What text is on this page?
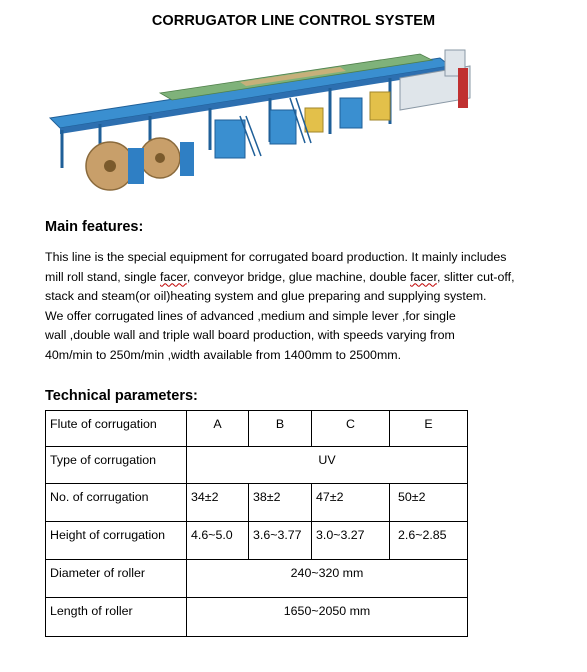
CORRUGATOR LINE CONTROL SYSTEM
Main features:
This line is the special equipment for corrugated board production. It mainly includes
mill roll stand, single facer, conveyor bridge, glue machine, double facer, slitter cut-off,
stack and steam(or oil)heating system and glue preparing and supplying system.
We offer corrugated lines of advanced ,medium and simple lever ,for single
wall ,double wall and triple wall board production, with speeds varying from
40m/min to 250m/min ,width available from 1400mm to 2500mm.
Technical parameters:
Flute of corrugation	A	B	C	E
Type of corrugation	UV			
No. of corrugation	34±2	38±2	47±2	50±2
Height of corrugation	4.6~5.0	3.6~3.77	3.0~3.27	2.6~2.85
Diameter of roller	240~320 mm			
Length of roller	1650~2050 mm			
